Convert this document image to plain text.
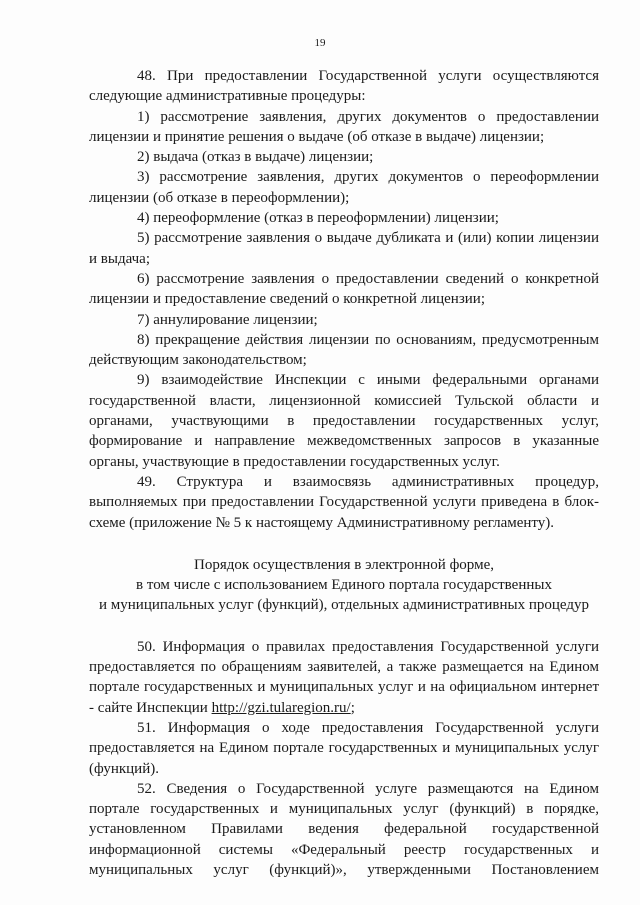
19

48. При предоставлении Государственной услуги осуществляются следующие административные процедуры:

1) рассмотрение заявления, других документов о предоставлении лицензии и принятие решения о выдаче (об отказе в выдаче) лицензии;

2) выдача (отказ в выдаче) лицензии;

3) рассмотрение заявления, других документов о переоформлении лицензии (об отказе в переоформлении);

4) переоформление (отказ в переоформлении) лицензии;

5) рассмотрение заявления о выдаче дубликата и (или) копии лицензии и выдача;

6) рассмотрение заявления о предоставлении сведений о конкретной лицензии и предоставление сведений о конкретной лицензии;

7) аннулирование лицензии;

8) прекращение действия лицензии по основаниям, предусмотренным действующим законодательством;

9) взаимодействие Инспекции с иными федеральными органами государственной власти, лицензионной комиссией Тульской области и органами, участвующими в предоставлении государственных услуг, формирование и направление межведомственных запросов в указанные органы, участвующие в предоставлении государственных услуг.

49. Структура и взаимосвязь административных процедур, выполняемых при предоставлении Государственной услуги приведена в блок-схеме (приложение № 5 к настоящему Административному регламенту).

Порядок осуществления в электронной форме,
в том числе с использованием Единого портала государственных
и муниципальных услуг (функций), отдельных административных процедур

50. Информация о правилах предоставления Государственной услуги предоставляется по обращениям заявителей, а также размещается на Едином портале государственных и муниципальных услуг и на официальном интернет - сайте Инспекции http://gzi.tularegion.ru/;

51. Информация о ходе предоставления Государственной услуги предоставляется на Едином портале государственных и муниципальных услуг (функций).

52. Сведения о Государственной услуге размещаются на Едином портале государственных и муниципальных услуг (функций) в порядке, установленном Правилами ведения федеральной государственной информационной системы «Федеральный реестр государственных и муниципальных услуг (функций)», утвержденными Постановлением
